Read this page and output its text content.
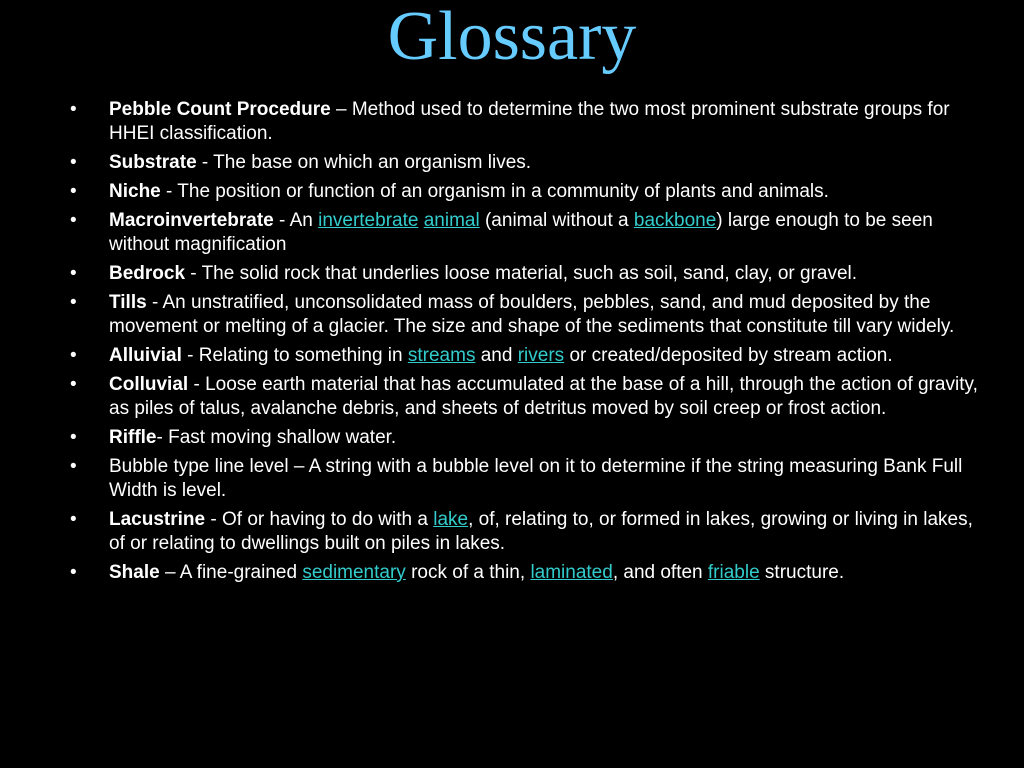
Glossary
• Pebble Count Procedure – Method used to determine the two most prominent substrate groups for HHEI classification.
• Substrate - The base on which an organism lives.
• Niche - The position or function of an organism in a community of plants and animals.
• Macroinvertebrate - An invertebrate animal (animal without a backbone) large enough to be seen without magnification
• Bedrock - The solid rock that underlies loose material, such as soil, sand, clay, or gravel.
• Tills - An unstratified, unconsolidated mass of boulders, pebbles, sand, and mud deposited by the movement or melting of a glacier. The size and shape of the sediments that constitute till vary widely.
• Alluivial - Relating to something in streams and rivers or created/deposited by stream action.
• Colluvial - Loose earth material that has accumulated at the base of a hill, through the action of gravity, as piles of talus, avalanche debris, and sheets of detritus moved by soil creep or frost action.
• Riffle- Fast moving shallow water.
• Bubble type line level – A string with a bubble level on it to determine if the string measuring Bank Full Width is level.
• Lacustrine - Of or having to do with a lake, of, relating to, or formed in lakes, growing or living in lakes, of or relating to dwellings built on piles in lakes.
• Shale – A fine-grained sedimentary rock of a thin, laminated, and often friable structure.
